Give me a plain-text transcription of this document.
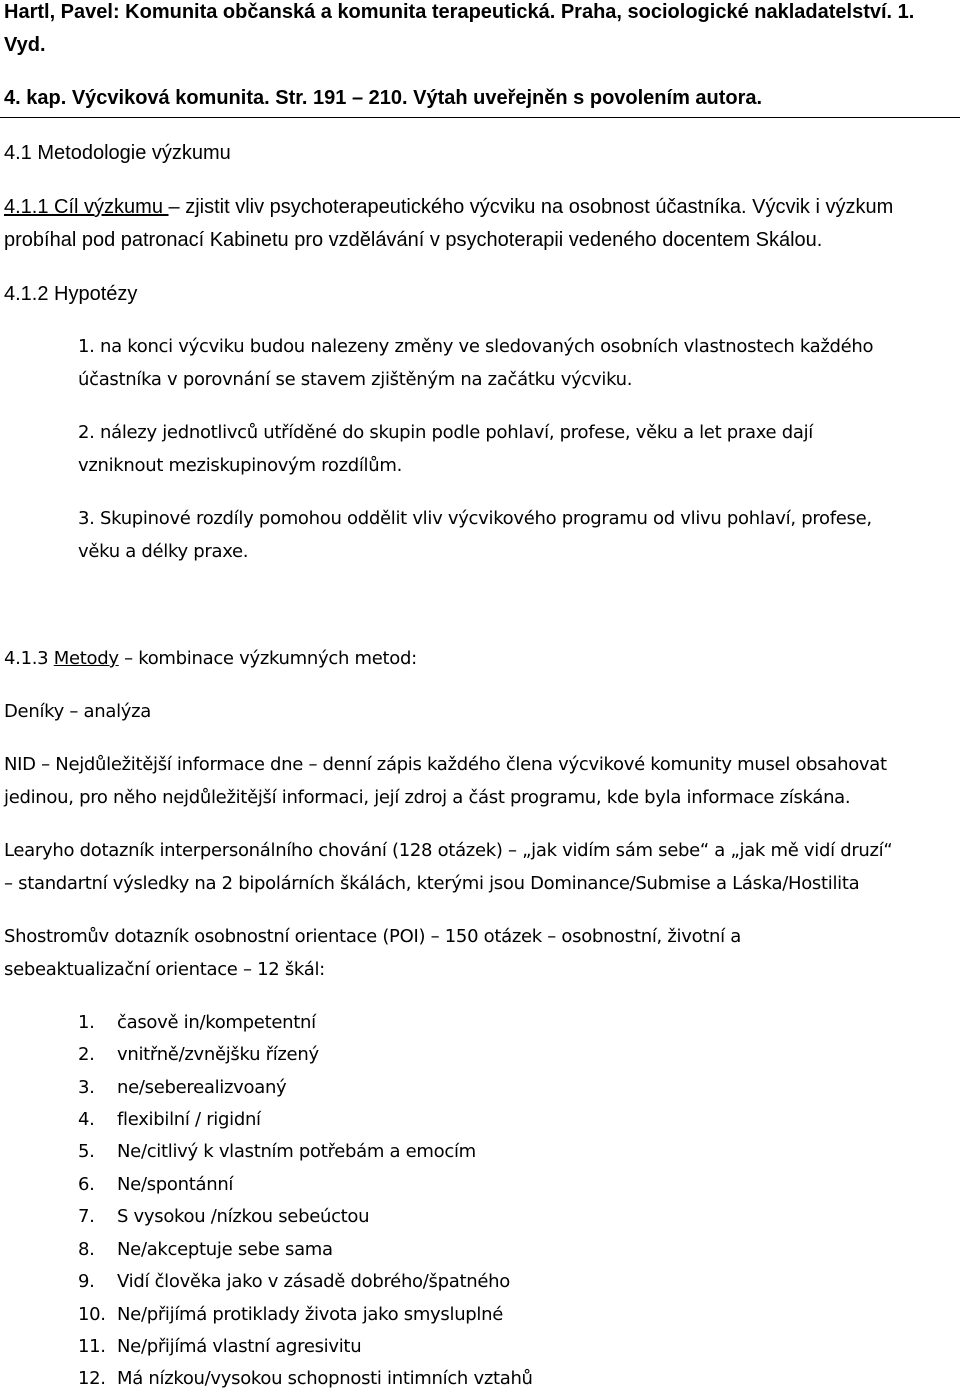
Hartl, Pavel: Komunita občanská a komunita terapeutická. Praha, sociologické nakladatelství. 1.
Vyd.
4. kap. Výcviková komunita. Str. 191 – 210. Výtah uveřejněn s povolením autora.
4.1 Metodologie výzkumu
4.1.1 Cíl výzkumu – zjistit vliv psychoterapeutického výcviku na osobnost účastníka. Výcvik i výzkum
probíhal pod patronací Kabinetu pro vzdělávání v psychoterapii vedeného docentem Skálou.
4.1.2 Hypotézy
1. na konci výcviku budou nalezeny změny ve sledovaných osobních vlastnostech každého
účastníka v porovnání se stavem zjištěným na začátku výcviku.
2. nálezy jednotlivců utříděné do skupin podle pohlaví, profese, věku a let praxe dají
vzniknout meziskupinovým rozdílům.
3. Skupinové rozdíly pomohou oddělit vliv výcvikového programu od vlivu pohlaví, profese,
věku a délky praxe.
4.1.3 Metody – kombinace výzkumných metod:
Deníky – analýza
NID – Nejdůležitější informace dne – denní zápis každého člena výcvikové komunity musel obsahovat
jedinou, pro něho nejdůležitější informaci, její zdroj a část programu, kde byla informace získána.
Learyho dotazník interpersonálního chování (128 otázek) – „jak vidím sám sebe“ a „jak mě vidí druzí“
– standartní výsledky na 2 bipolárních škálách, kterými jsou Dominance/Submise a Láska/Hostilita
Shostromův dotazník osobnostní orientace (POI) – 150 otázek – osobnostní, životní a
sebeaktualizační orientace – 12 škál:
1. časově in/kompetentní
2. vnitřně/zvnějšku řízený
3. ne/seberealizvoaný
4. flexibilní / rigidní
5. Ne/citlivý k vlastním potřebám a emocím
6. Ne/spontánní
7. S vysokou /nízkou sebeúctou
8. Ne/akceptuje sebe sama
9. Vidí člověka jako v zásadě dobrého/špatného
10. Ne/přijímá protiklady života jako smysluplné
11. Ne/přijímá vlastní agresivitu
12. Má nízkou/vysokou schopnosti intimních vztahů
